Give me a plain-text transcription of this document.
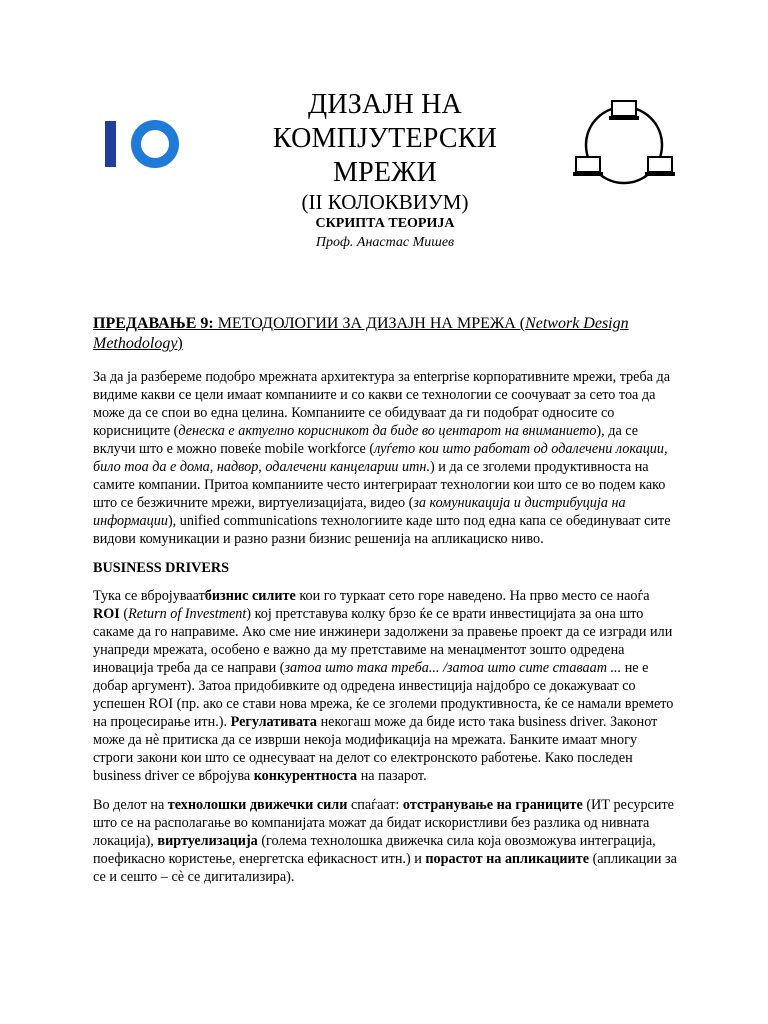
ДИЗАЈН НА

КОМПЈУТЕРСКИ

МРЕЖИ

(II КОЛОКВИУМ)

СКРИПТА ТЕОРИЈА

Проф. Анастас Мишев

ПРЕДАВАЊЕ 9: МЕТОДОЛОГИИ ЗА ДИЗАЈН НА МРЕЖА (Network Design Methodology)

За да ја разбереме подобро мрежната архитектура за enterprise корпоративните мрежи, треба да видиме какви се цели имаат компаниите и со какви се технологии се соочуваат за сето тоа да може да се спои во една целина. Компаниите се обидуваат да ги подобрат односите со корисниците (денеска е актуелно корисникот да биде во центарот на вниманието), да се вклучи што е можно повеќе mobile workforce (луѓето кои што работат од одалечени локации, било тоа да е дома, надвор, одалечени канцеларии итн.) и да се зголеми продуктивноста на самите компании. Притоа компаниите често интегрираат технологии кои што се во подем како што се безжичните мрежи, виртуелизацијата, видео (за комуникација и дистрибуција на информации), unified communications технологиите каде што под една капа се обединуваат сите видови комуникации и разно разни бизнис решенија на апликациско ниво.

BUSINESS DRIVERS

Тука се вбројуваатбизнис силите кои го туркаат сето горе наведено. На прво место се наоѓа ROI (Return of Investment) кој претставува колку брзо ќе се врати инвестицијата за она што сакаме да го направиме. Ако сме ние инжинери задолжени за правење проект да се изгради или унапреди мрежата, особено е важно да му претставиме на менаџментот зошто одредена иновација треба да се направи (затоа што така треба... /затоа што сите ставаат ... не е добар аргумент). Затоа придобивките од одредена инвестиција најдобро се докажуваат со успешен ROI (пр. ако се стави нова мрежа, ќе се зголеми продуктивноста, ќе се намали времето на процесирање итн.). Регулативата некогаш може да биде исто така business driver. Законот може да нè притиска да се изврши некоја модификација на мрежата. Банките имаат многу строги закони кои што се однесуваат на делот со електронското работење. Како последен business driver се вбројува конкурентноста на пазарот.

Во делот на технолошки движечки сили спаѓаат: отстранување на границите (ИТ ресурсите што се на располагање во компанијата можат да бидат искористливи без разлика од нивната локација), виртуелизација (голема технолошка движечка сила која овозможува интеграција, поефикасно користење, енергетска ефикасност итн.) и порастот на апликациите (апликации за се и сешто – сè се дигитализира).
